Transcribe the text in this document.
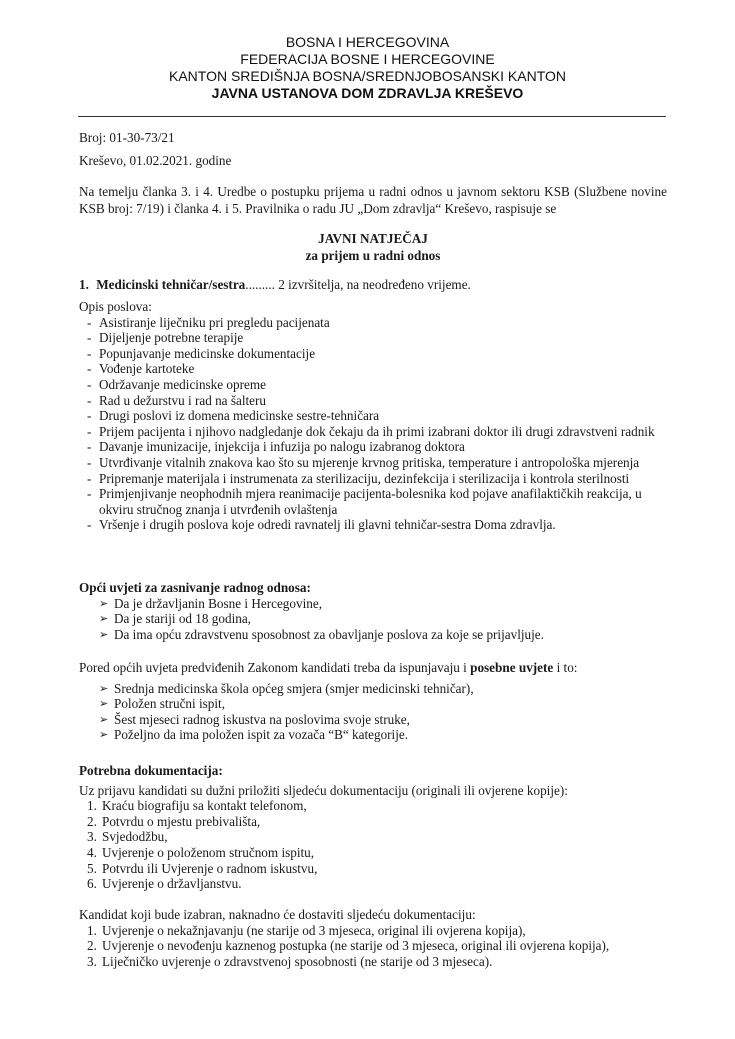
BOSNA I HERCEGOVINA
FEDERACIJA BOSNE I HERCEGOVINE
KANTON SREDIŠNJA BOSNA/SREDNJOBOSANSKI KANTON
JAVNA USTANOVA DOM ZDRAVLJA KREŠEVO
Broj: 01-30-73/21
Kreševo, 01.02.2021. godine
Na temelju članka 3. i 4. Uredbe o postupku prijema u radni odnos u javnom sektoru KSB (Službene novine KSB broj: 7/19) i članka 4. i 5. Pravilnika o radu JU „Dom zdravlja“ Kreševo, raspisuje se
JAVNI NATJEČAJ
za prijem u radni odnos
1. Medicinski tehničar/sestra......... 2 izvršitelja, na neodređeno vrijeme.

Opis poslova:

- Asistiranje liječniku pri pregledu pacijenata
- Dijeljenje potrebne terapije
- Popunjavanje medicinske dokumentacije
- Vođenje kartoteke
- Održavanje medicinske opreme
- Rad u dežurstvu i rad na šalteru
- Drugi poslovi iz domena medicinske sestre-tehničara
- Prijem pacijenta i njihovo nadgledanje dok čekaju da ih primi izabrani doktor ili drugi zdravstveni radnik
- Davanje imunizacije, injekcija i infuzija po nalogu izabranog doktora
- Utvrđivanje vitalnih znakova kao što su mjerenje krvnog pritiska, temperature i antropološka mjerenja
- Pripremanje materijala i instrumenata za sterilizaciju, dezinfekcija i sterilizacija i kontrola sterilnosti
- Primjenjivanje neophodnih mjera reanimacije pacijenta-bolesnika kod pojave anafilaktičkih reakcija, u okviru stručnog znanja i utvrđenih ovlaštenja
- Vršenje i drugih poslova koje odredi ravnatelj ili glavni tehničar-sestra Doma zdravlja.

Opći uvjeti za zasnivanje radnog odnosa:

➢ Da je državljanin Bosne i Hercegovine,
➢ Da je stariji od 18 godina,
➢ Da ima opću zdravstvenu sposobnost za obavljanje poslova za koje se prijavljuje.

Pored općih uvjeta predviđenih Zakonom kandidati treba da ispunjavaju i posebne uvjete i to:

➢ Srednja medicinska škola općeg smjera (smjer medicinski tehničar),
➢ Položen stručni ispit,
➢ Šest mjeseci radnog iskustva na poslovima svoje struke,
➢ Poželjno da ima položen ispit za vozača “B“ kategorije.

Potrebna dokumentacija:

Uz prijavu kandidati su dužni priložiti sljedeću dokumentaciju (originali ili ovjerene kopije):

1. Kraću biografiju sa kontakt telefonom,
2. Potvrdu o mjestu prebivališta,
3. Svjedodžbu,
4. Uvjerenje o položenom stručnom ispitu,
5. Potvrdu ili Uvjerenje o radnom iskustvu,
6. Uvjerenje o državljanstvu.

Kandidat koji bude izabran, naknadno će dostaviti sljedeću dokumentaciju:

1. Uvjerenje o nekažnjavanju (ne starije od 3 mjeseca, original ili ovjerena kopija),
2. Uvjerenje o nevođenju kaznenog postupka (ne starije od 3 mjeseca, original ili ovjerena kopija),
3. Liječničko uvjerenje o zdravstvenoj sposobnosti (ne starije od 3 mjeseca).
